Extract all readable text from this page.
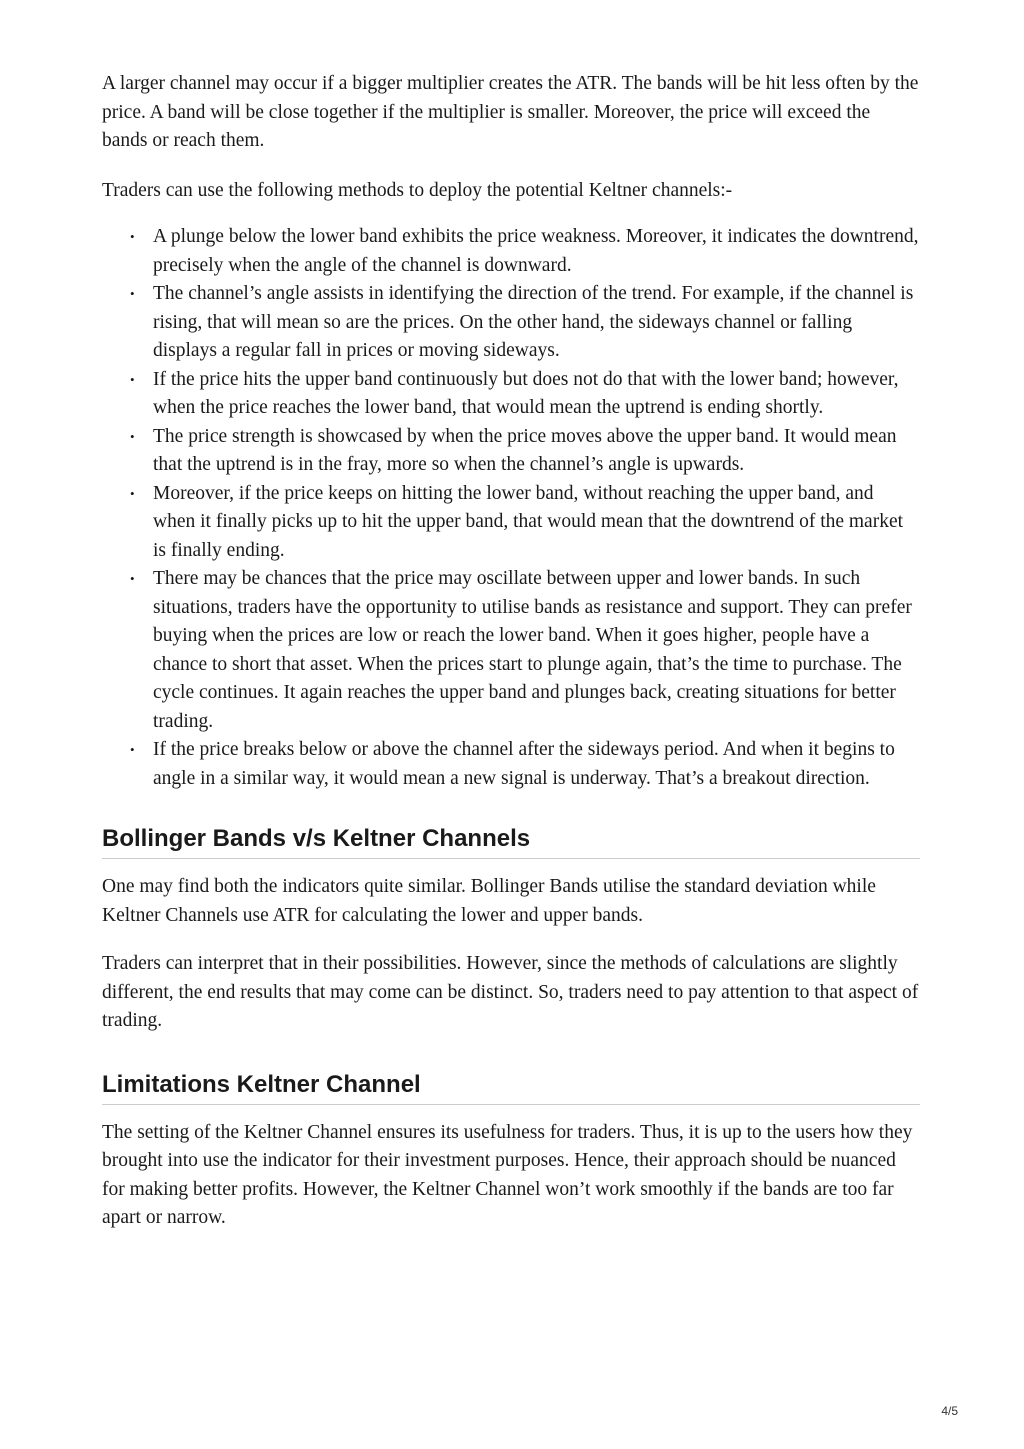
A larger channel may occur if a bigger multiplier creates the ATR. The bands will be hit less often by the price. A band will be close together if the multiplier is smaller. Moreover, the price will exceed the bands or reach them.

Traders can use the following methods to deploy the potential Keltner channels:-

• A plunge below the lower band exhibits the price weakness. Moreover, it indicates the downtrend, precisely when the angle of the channel is downward.
• The channel’s angle assists in identifying the direction of the trend. For example, if the channel is rising, that will mean so are the prices. On the other hand, the sideways channel or falling displays a regular fall in prices or moving sideways.
• If the price hits the upper band continuously but does not do that with the lower band; however, when the price reaches the lower band, that would mean the uptrend is ending shortly.
• The price strength is showcased by when the price moves above the upper band. It would mean that the uptrend is in the fray, more so when the channel’s angle is upwards.
• Moreover, if the price keeps on hitting the lower band, without reaching the upper band, and when it finally picks up to hit the upper band, that would mean that the downtrend of the market is finally ending.
• There may be chances that the price may oscillate between upper and lower bands. In such situations, traders have the opportunity to utilise bands as resistance and support. They can prefer buying when the prices are low or reach the lower band. When it goes higher, people have a chance to short that asset. When the prices start to plunge again, that’s the time to purchase. The cycle continues. It again reaches the upper band and plunges back, creating situations for better trading.
• If the price breaks below or above the channel after the sideways period. And when it begins to angle in a similar way, it would mean a new signal is underway. That’s a breakout direction.
Bollinger Bands v/s Keltner Channels

One may find both the indicators quite similar. Bollinger Bands utilise the standard deviation while Keltner Channels use ATR for calculating the lower and upper bands.

Traders can interpret that in their possibilities. However, since the methods of calculations are slightly different, the end results that may come can be distinct. So, traders need to pay attention to that aspect of trading.

Limitations Keltner Channel

The setting of the Keltner Channel ensures its usefulness for traders. Thus, it is up to the users how they brought into use the indicator for their investment purposes. Hence, their approach should be nuanced for making better profits. However, the Keltner Channel won’t work smoothly if the bands are too far apart or narrow.

4/5
